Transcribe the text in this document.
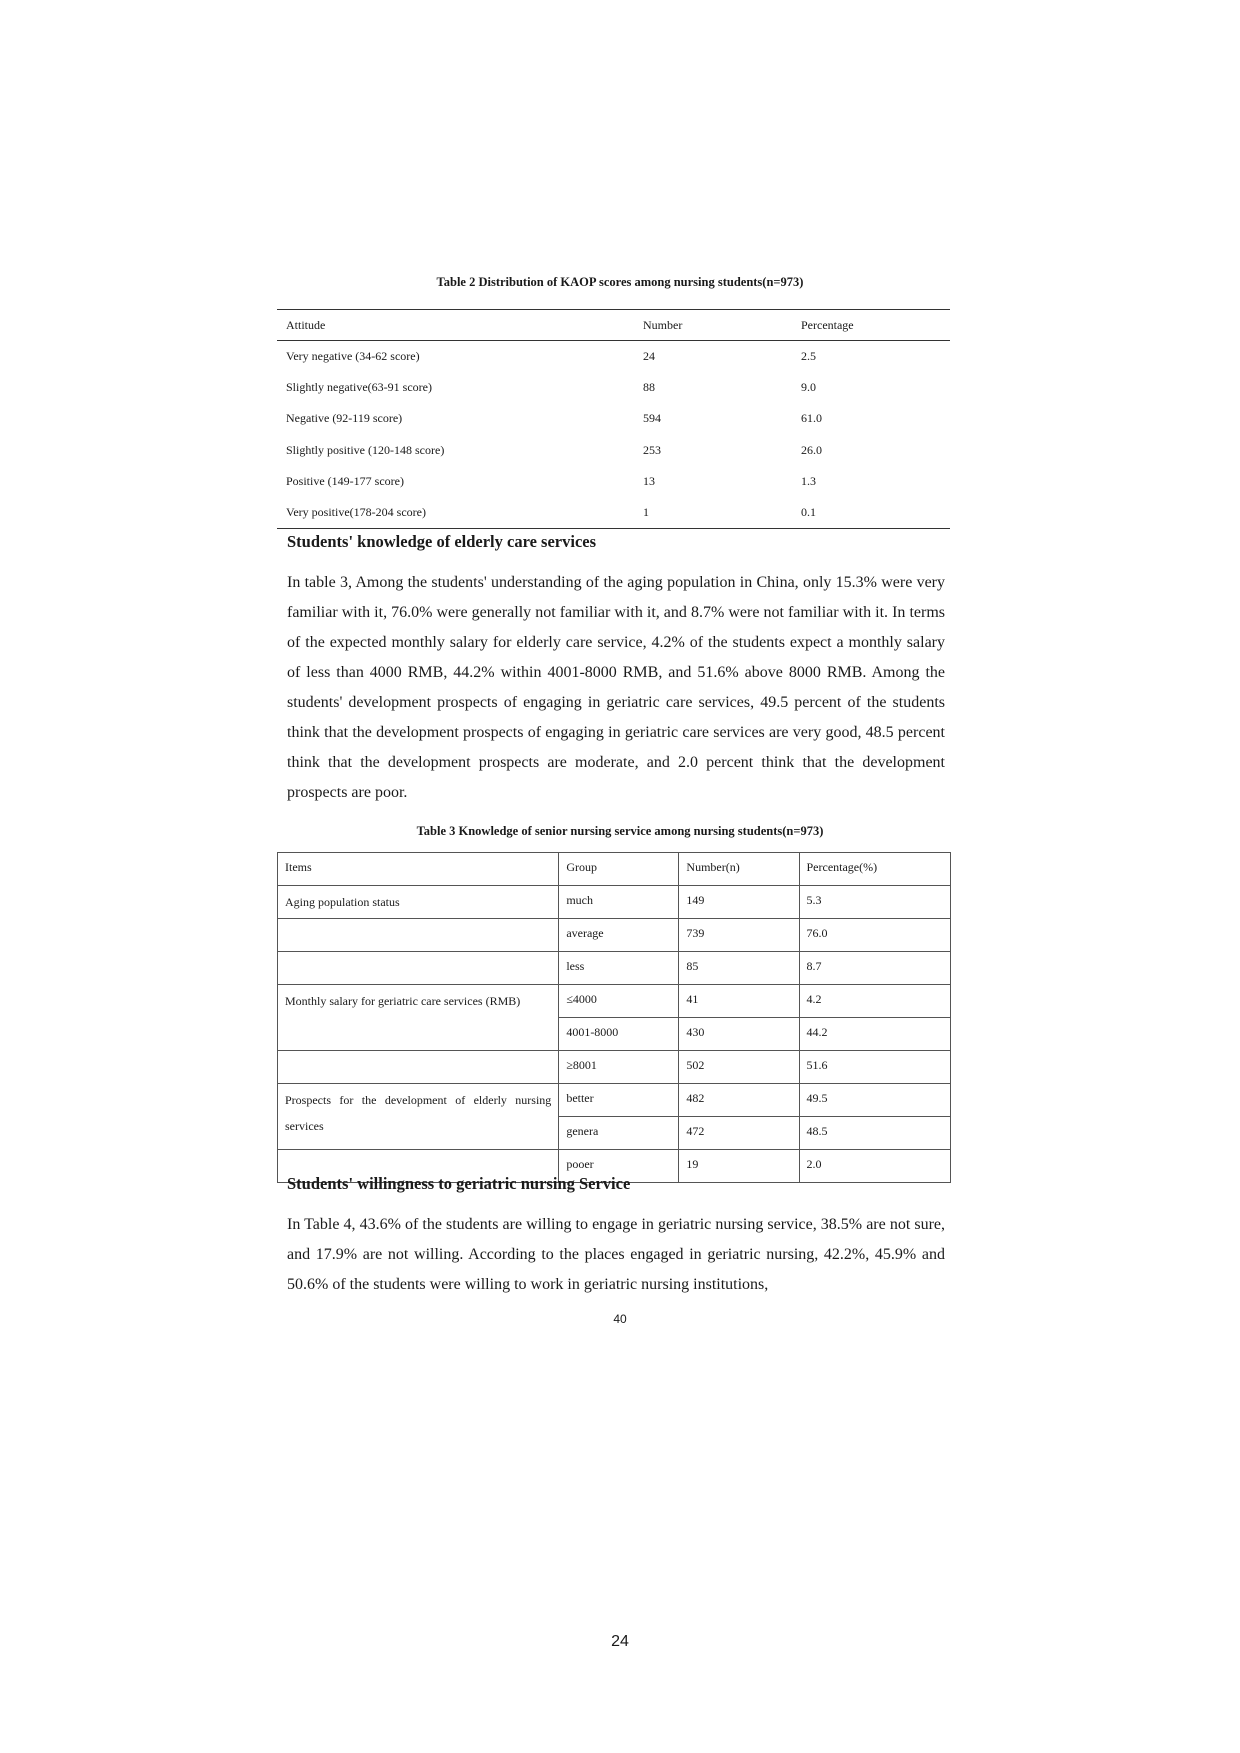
Table 2 Distribution of KAOP scores among nursing students(n=973)
Attitude	Number	Percentage
Very negative (34-62 score)	24	2.5
Slightly negative(63-91 score)	88	9.0
Negative (92-119 score)	594	61.0
Slightly positive (120-148 score)	253	26.0
Positive (149-177 score)	13	1.3
Very positive(178-204 score)	1	0.1
Students' knowledge of elderly care services

In table 3, Among the students' understanding of the aging population in China, only 15.3% were very familiar with it, 76.0% were generally not familiar with it, and 8.7% were not familiar with it. In terms of the expected monthly salary for elderly care service, 4.2% of the students expect a monthly salary of less than 4000 RMB, 44.2% within 4001-8000 RMB, and 51.6% above 8000 RMB. Among the students' development prospects of engaging in geriatric care services, 49.5 percent of the students think that the development prospects of engaging in geriatric care services are very good, 48.5 percent think that the development prospects are moderate, and 2.0 percent think that the development prospects are poor.

Table 3 Knowledge of senior nursing service among nursing students(n=973)
Items	Group	Number(n)	Percentage(%)
Aging population status	much	149	5.3
	average	739	76.0
	less	85	8.7
Monthly salary for geriatric care services (RMB)	≤4000	41	4.2
	4001-8000	430	44.2
	≥8001	502	51.6
Prospects for the development of elderly nursing services	better	482	49.5
	genera	472	48.5
	pooer	19	2.0
Students' willingness to geriatric nursing Service

In Table 4, 43.6% of the students are willing to engage in geriatric nursing service, 38.5% are not sure, and 17.9% are not willing. According to the places engaged in geriatric nursing, 42.2%, 45.9% and 50.6% of the students were willing to work in geriatric nursing institutions,

40
24
